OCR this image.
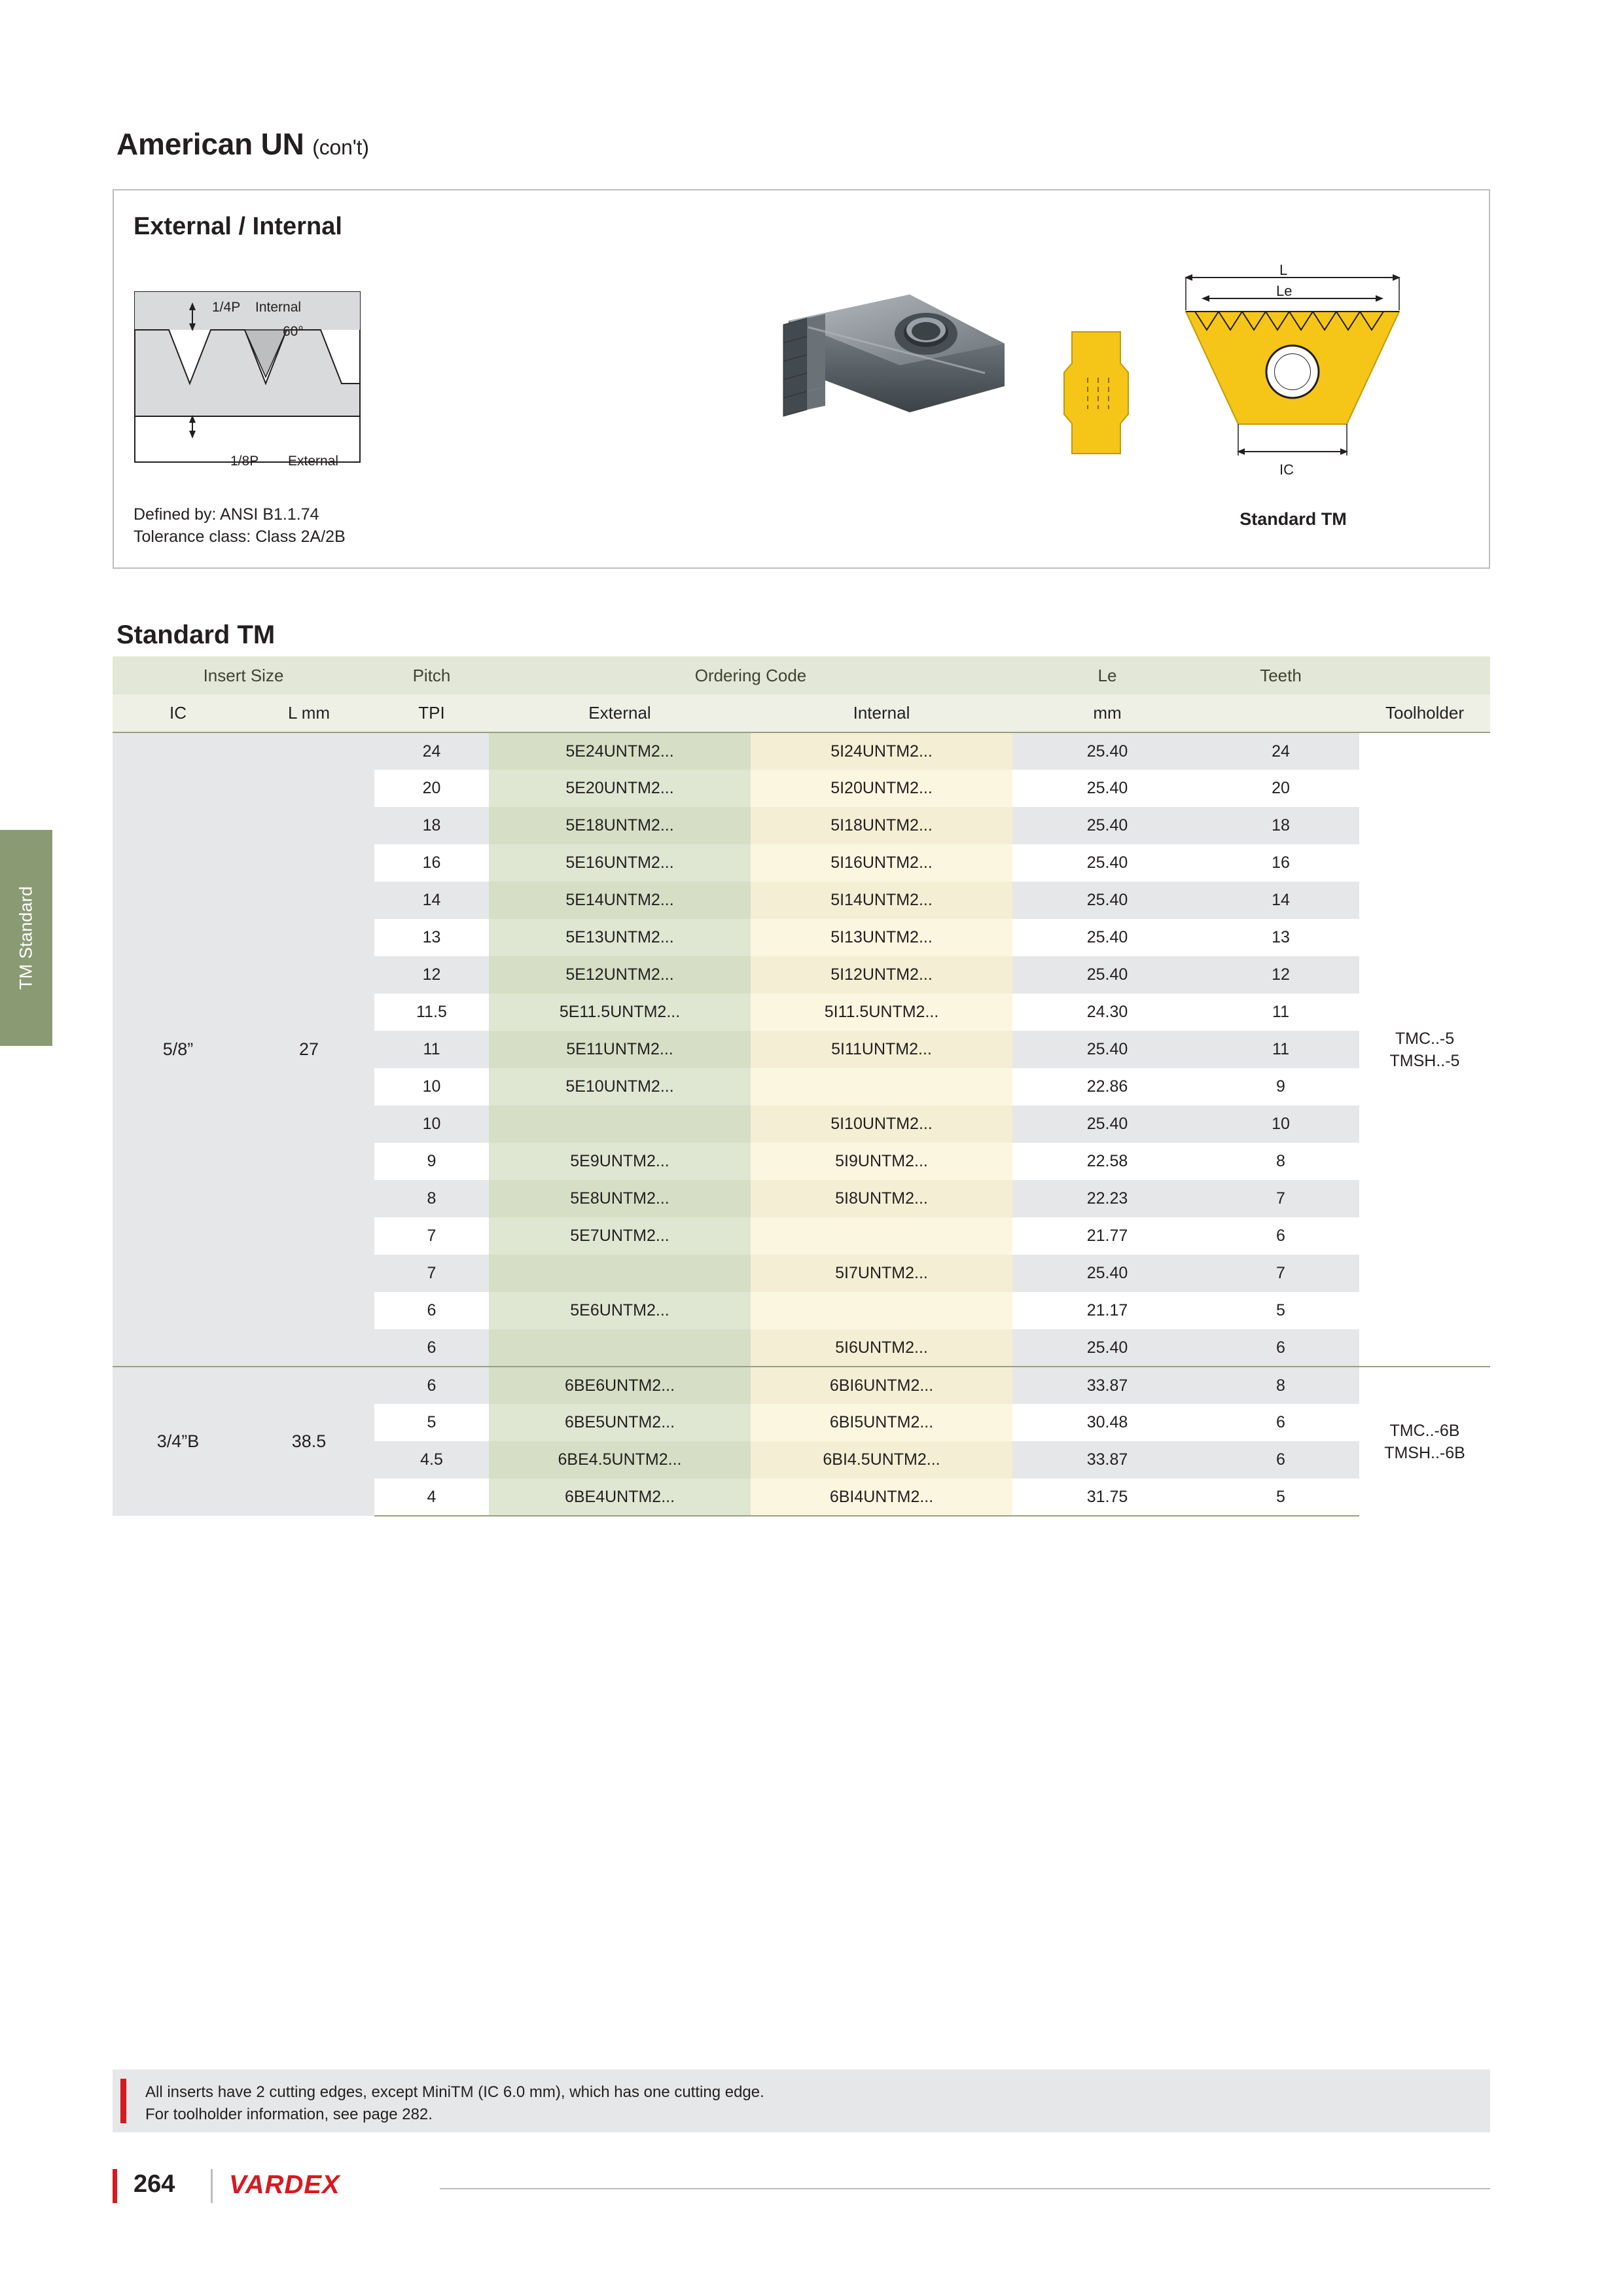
TM Standard
American UN (con't)
External / Internal
1/4P Internal
60°
1/8P External
Defined by: ANSI B1.1.74
Tolerance class: Class 2A/2B
L
Le
IC
Standard TM
Standard TM
Insert Size		Pitch	Ordering Code		Le	Teeth	
IC	L mm	TPI	External	Internal	mm		Toolholder
5/8”	27	24	5E24UNTM2...	5I24UNTM2...	25.40	24	TMC..-5
TMSH..-5

		20	5E20UNTM2...	5I20UNTM2...	25.40	20	
		18	5E18UNTM2...	5I18UNTM2...	25.40	18	
		16	5E16UNTM2...	5I16UNTM2...	25.40	16	
		14	5E14UNTM2...	5I14UNTM2...	25.40	14	
		13	5E13UNTM2...	5I13UNTM2...	25.40	13	
		12	5E12UNTM2...	5I12UNTM2...	25.40	12	
		11.5	5E11.5UNTM2...	5I11.5UNTM2...	24.30	11	
		11	5E11UNTM2...	5I11UNTM2...	25.40	11	
		10	5E10UNTM2...		22.86	9	
		10		5I10UNTM2...	25.40	10	
		9	5E9UNTM2...	5I9UNTM2...	22.58	8	
		8	5E8UNTM2...	5I8UNTM2...	22.23	7	
		7	5E7UNTM2...		21.77	6	
		7		5I7UNTM2...	25.40	7	
		6	5E6UNTM2...		21.17	5	
		6		5I6UNTM2...	25.40	6	
3/4”B	38.5	6	6BE6UNTM2...	6BI6UNTM2...	33.87	8	TMC..-6B
TMSH..-6B

		5	6BE5UNTM2...	6BI5UNTM2...	30.48	6	
		4.5	6BE4.5UNTM2...	6BI4.5UNTM2...	33.87	6	
		4	6BE4UNTM2...	6BI4UNTM2...	31.75	5	
All inserts have 2 cutting edges, except MiniTM (IC 6.0 mm), which has one cutting edge.
For toolholder information, see page 282.
264 VARDEX
